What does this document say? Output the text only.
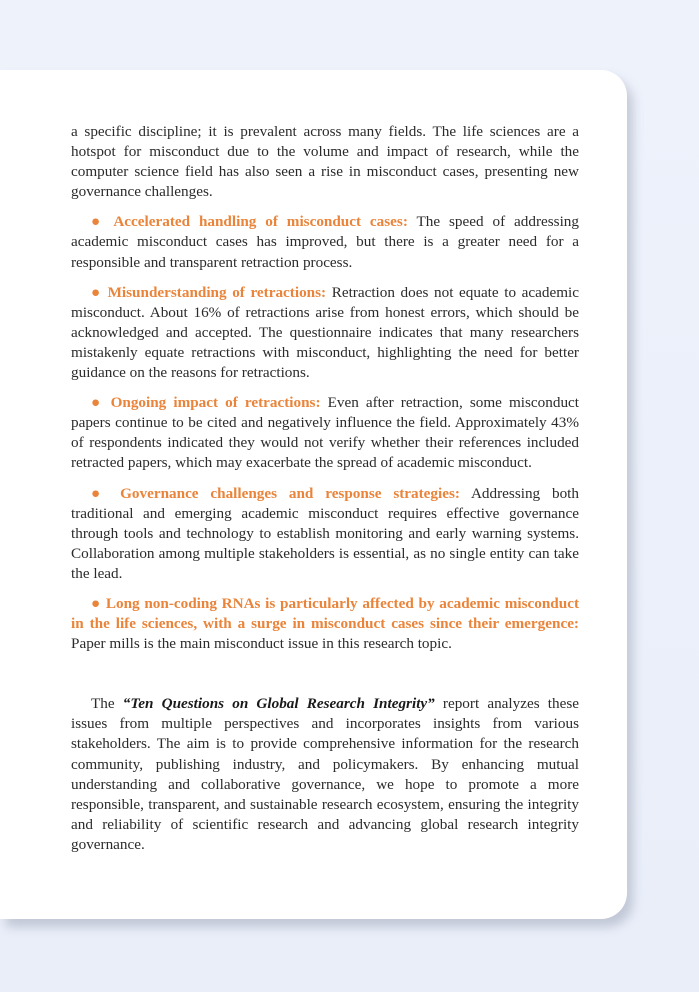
a specific discipline; it is prevalent across many fields. The life sciences are a hotspot for misconduct due to the volume and impact of research, while the computer science field has also seen a rise in misconduct cases, presenting new governance challenges.

● Accelerated handling of misconduct cases: The speed of addressing academic misconduct cases has improved, but there is a greater need for a responsible and transparent retraction process.

● Misunderstanding of retractions: Retraction does not equate to academic misconduct. About 16% of retractions arise from honest errors, which should be acknowledged and accepted. The questionnaire indicates that many researchers mistakenly equate retractions with misconduct, highlighting the need for better guidance on the reasons for retractions.

● Ongoing impact of retractions: Even after retraction, some misconduct papers continue to be cited and negatively influence the field. Approximately 43% of respondents indicated they would not verify whether their references included retracted papers, which may exacerbate the spread of academic misconduct.

● Governance challenges and response strategies: Addressing both traditional and emerging academic misconduct requires effective governance through tools and technology to establish monitoring and early warning systems. Collaboration among multiple stakeholders is essential, as no single entity can take the lead.

● Long non-coding RNAs is particularly affected by academic misconduct in the life sciences, with a surge in misconduct cases since their emergence: Paper mills is the main misconduct issue in this research topic.

The “Ten Questions on Global Research Integrity” report analyzes these issues from multiple perspectives and incorporates insights from various stakeholders. The aim is to provide comprehensive information for the research community, publishing industry, and policymakers. By enhancing mutual understanding and collaborative governance, we hope to promote a more responsible, transparent, and sustainable research ecosystem, ensuring the integrity and reliability of scientific research and advancing global research integrity governance.
